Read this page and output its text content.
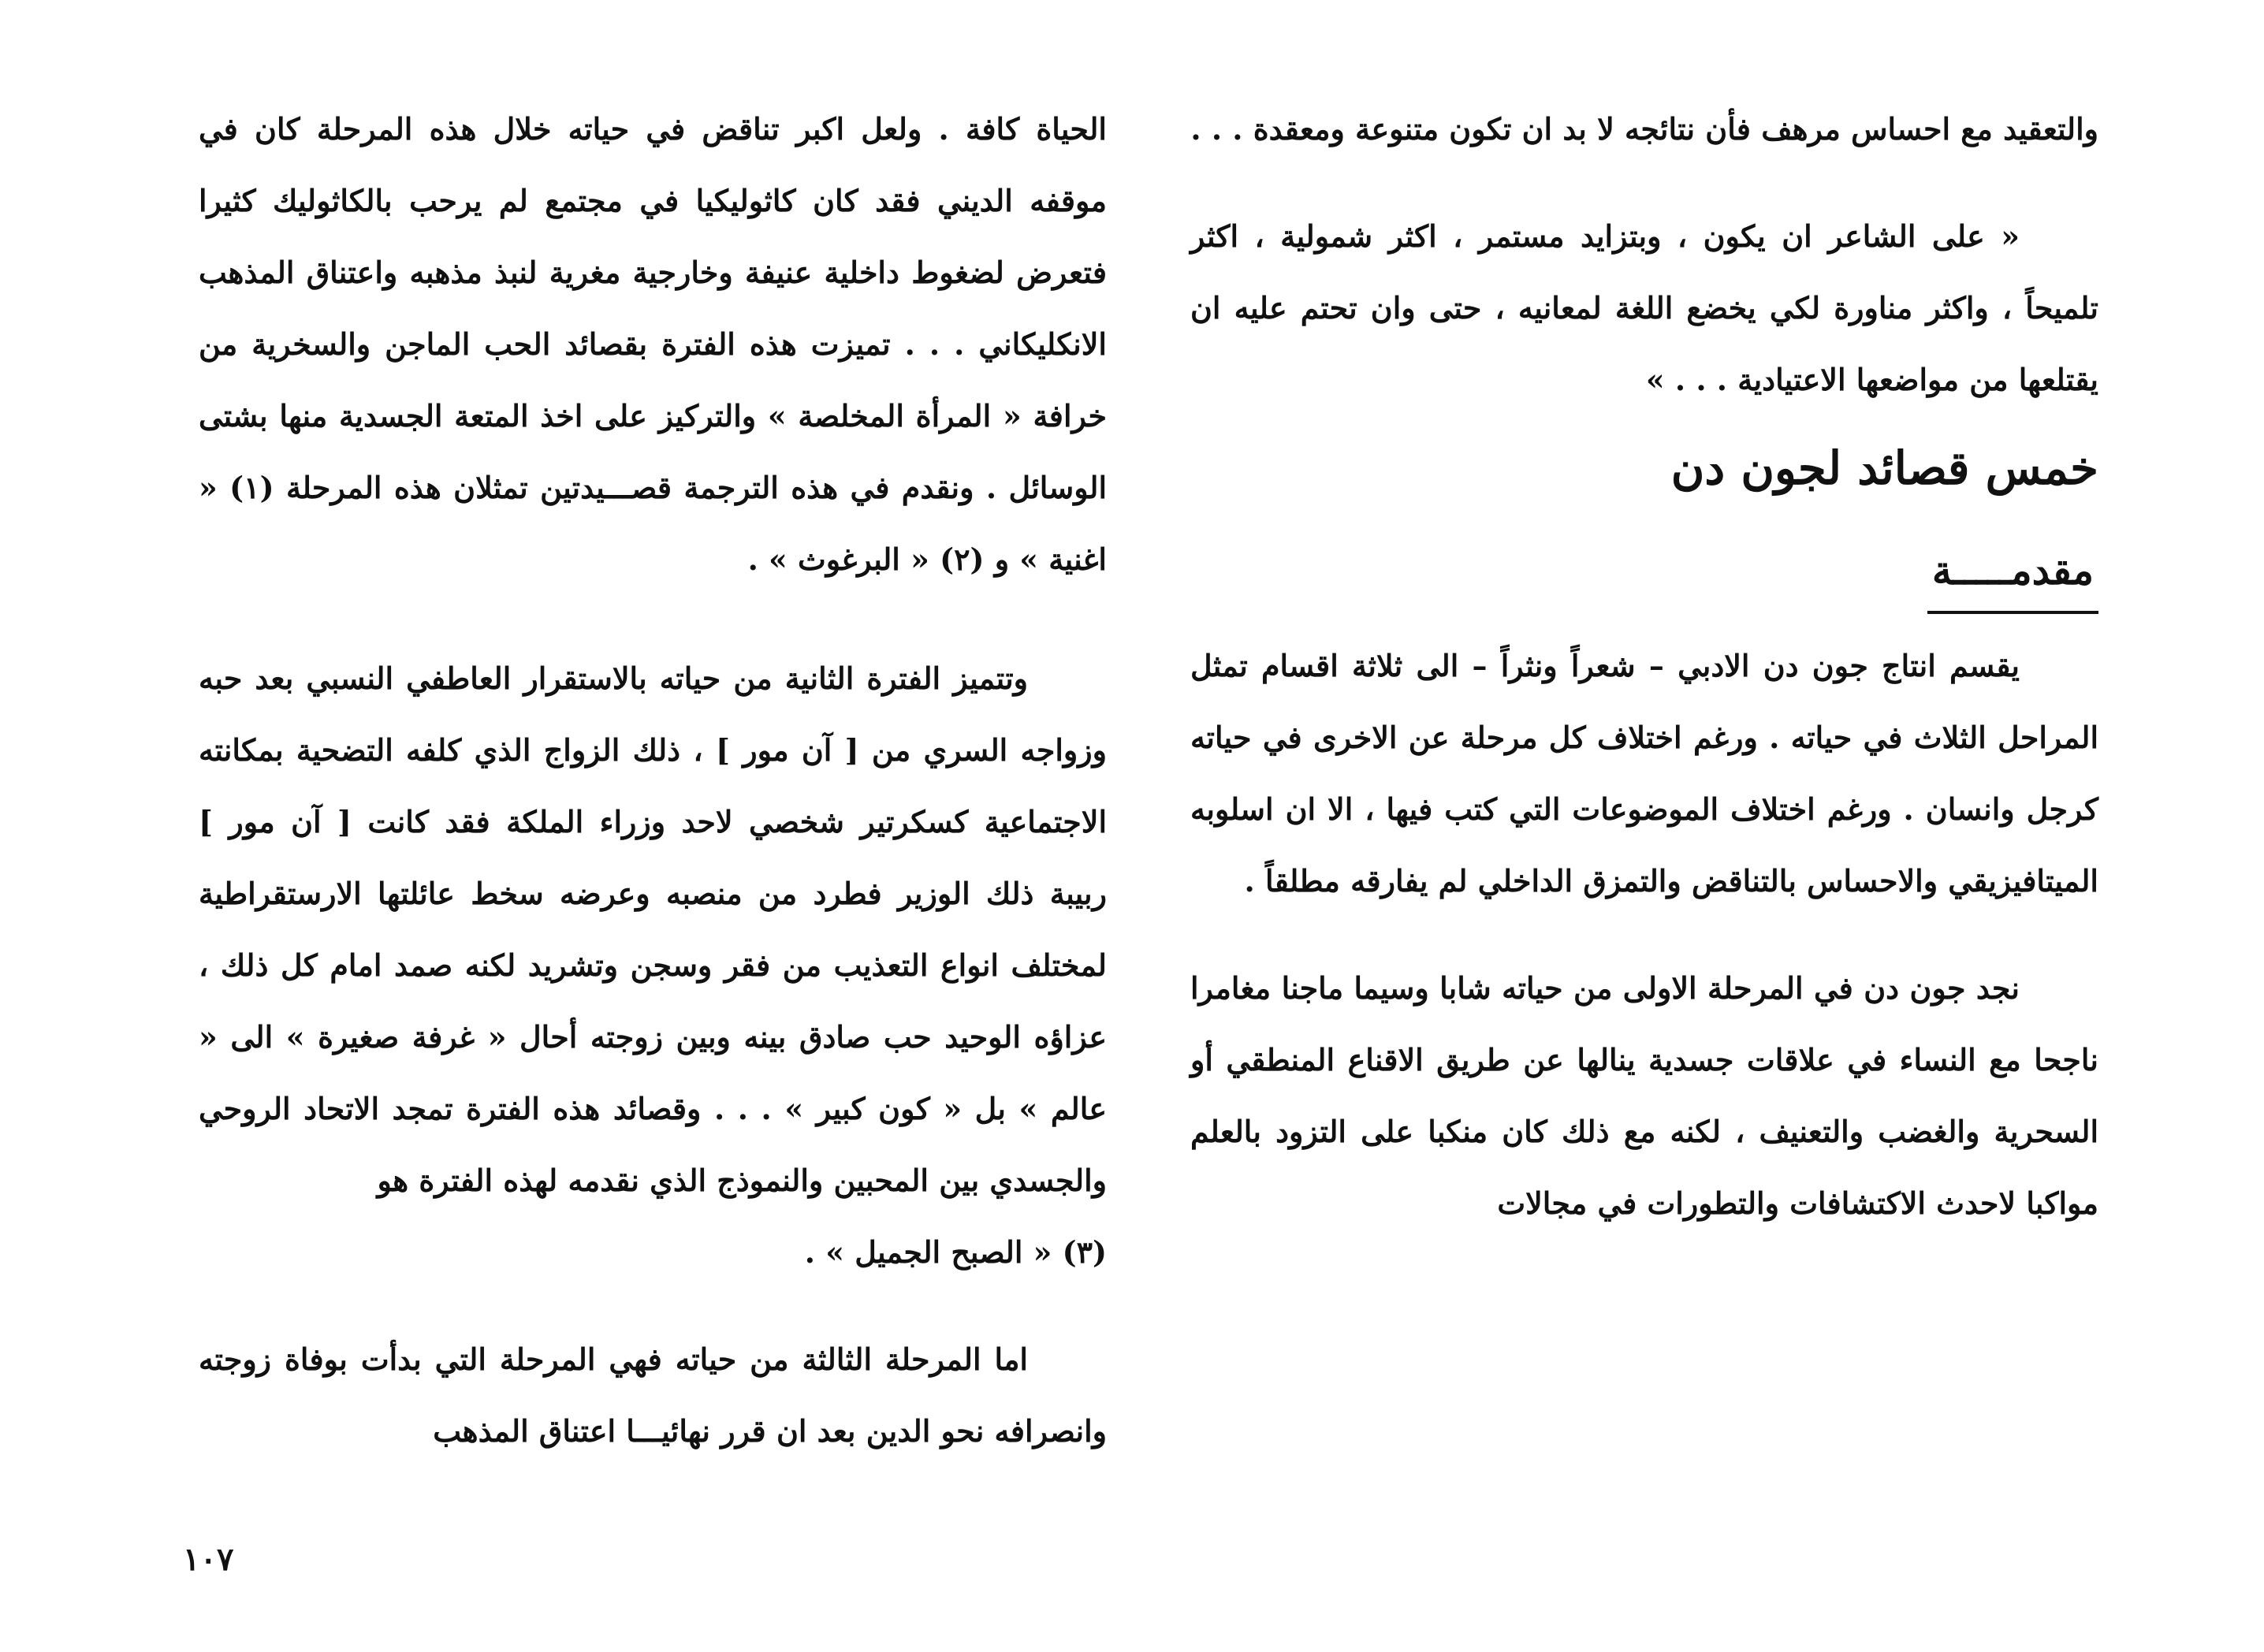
والتعقيد مع احساس مرهف فأن نتائجه لا بد ان تكون متنوعة ومعقدة . . .

« على الشاعر ان يكون ، وبتزايد مستمر ، اكثر شمولية ، اكثر تلميحاً ، واكثر مناورة لكي يخضع اللغة لمعانيه ، حتى وان تحتم عليه ان يقتلعها من مواضعها الاعتيادية . . . »

خمس قصائد لجون دن
مقدمـــــة

يقسم انتاج جون دن الادبي – شعراً ونثراً – الى ثلاثة اقسام تمثل المراحل الثلاث في حياته . ورغم اختلاف كل مرحلة عن الاخرى في حياته كرجل وانسان . ورغم اختلاف الموضوعات التي كتب فيها ، الا ان اسلوبه الميتافيزيقي والاحساس بالتناقض والتمزق الداخلي لم يفارقه مطلقاً .

نجد جون دن في المرحلة الاولى من حياته شابا وسيما ماجنا مغامرا ناجحا مع النساء في علاقات جسدية ينالها عن طريق الاقناع المنطقي أو السحرية والغضب والتعنيف ، لكنه مع ذلك كان منكبا على التزود بالعلم مواكبا لاحدث الاكتشافات والتطورات في مجالات

الحياة كافة . ولعل اكبر تناقض في حياته خلال هذه المرحلة كان في موقفه الديني فقد كان كاثوليكيا في مجتمع لم يرحب بالكاثوليك كثيرا فتعرض لضغوط داخلية عنيفة وخارجية مغرية لنبذ مذهبه واعتناق المذهب الانكليكاني . . . تميزت هذه الفترة بقصائد الحب الماجن والسخرية من خرافة « المرأة المخلصة » والتركيز على اخذ المتعة الجسدية منها بشتى الوسائل . ونقدم في هذه الترجمة قصـــيدتين تمثلان هذه المرحلة (١) « اغنية » و (٢) « البرغوث » .

وتتميز الفترة الثانية من حياته بالاستقرار العاطفي النسبي بعد حبه وزواجه السري من [ آن مور ] ، ذلك الزواج الذي كلفه التضحية بمكانته الاجتماعية كسكرتير شخصي لاحد وزراء الملكة فقد كانت [ آن مور ] ربيبة ذلك الوزير فطرد من منصبه وعرضه سخط عائلتها الارستقراطية لمختلف انواع التعذيب من فقر وسجن وتشريد لكنه صمد امام كل ذلك ، عزاؤه الوحيد حب صادق بينه وبين زوجته أحال « غرفة صغيرة » الى « عالم » بل « كون كبير » . . . وقصائد هذه الفترة تمجد الاتحاد الروحي والجسدي بين المحبين والنموذج الذي نقدمه لهذه الفترة هو

(٣) « الصبح الجميل » .

اما المرحلة الثالثة من حياته فهي المرحلة التي بدأت بوفاة زوجته وانصرافه نحو الدين بعد ان قرر نهائيـــا اعتناق المذهب

١٠٧
